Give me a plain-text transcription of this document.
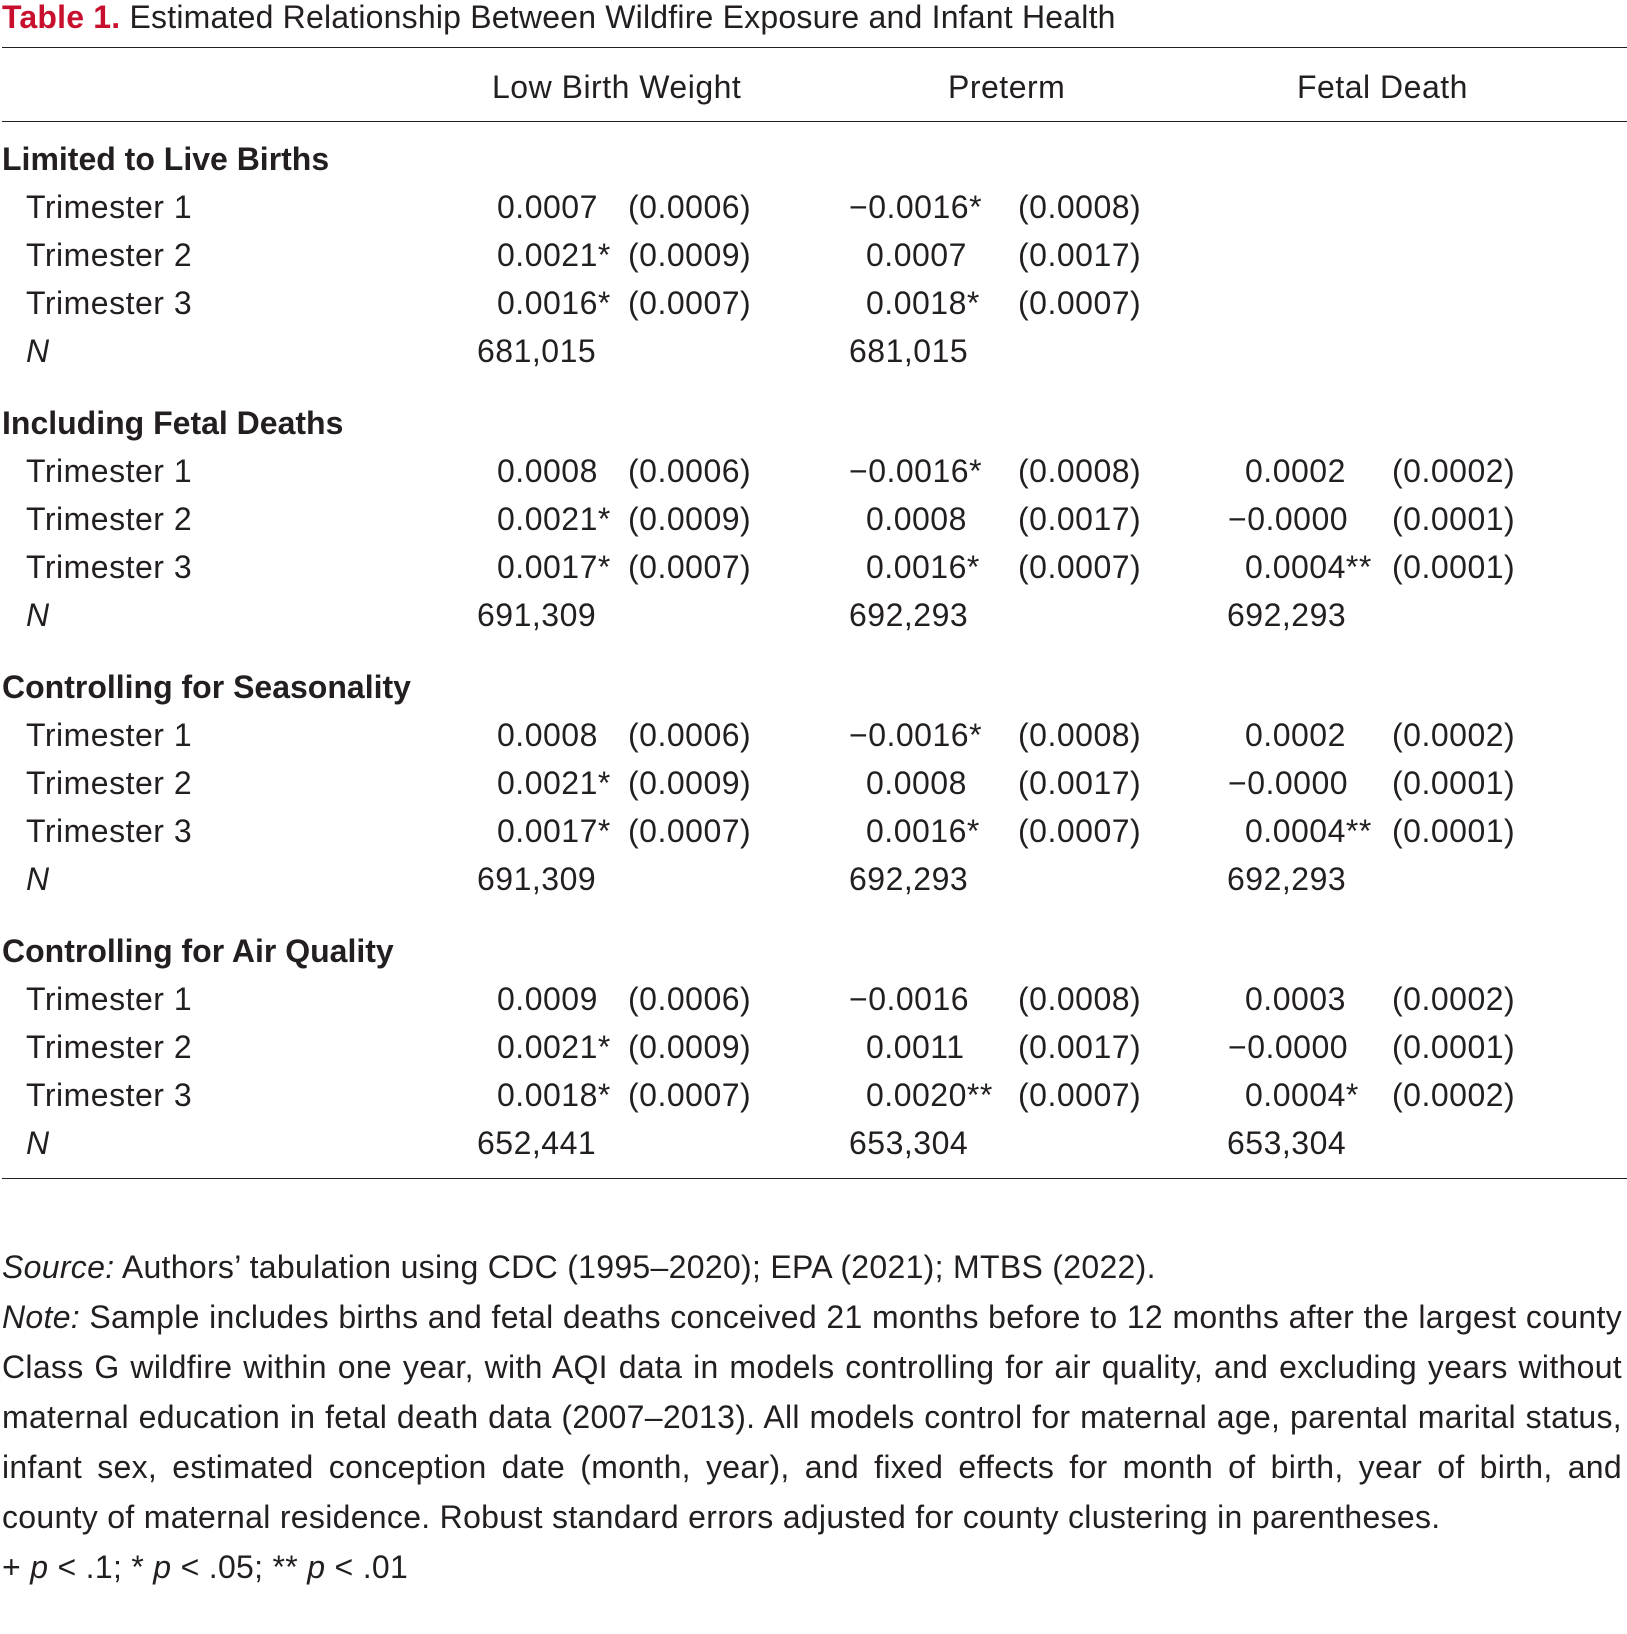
Table 1. Estimated Relationship Between Wildfire Exposure and Infant Health
Low Birth Weight	Preterm	Fetal Death
Limited to Live Births
Trimester 1	0.0007 (0.0006)	−0.0016* (0.0008)
Trimester 2	0.0021* (0.0009)	0.0007 (0.0017)
Trimester 3	0.0016* (0.0007)	0.0018* (0.0007)
N	681,015	681,015
Including Fetal Deaths
Trimester 1	0.0008 (0.0006)	−0.0016* (0.0008)	0.0002 (0.0002)
Trimester 2	0.0021* (0.0009)	0.0008 (0.0017)	−0.0000 (0.0001)
Trimester 3	0.0017* (0.0007)	0.0016* (0.0007)	0.0004** (0.0001)
N	691,309	692,293	692,293
Controlling for Seasonality
Trimester 1	0.0008 (0.0006)	−0.0016* (0.0008)	0.0002 (0.0002)
Trimester 2	0.0021* (0.0009)	0.0008 (0.0017)	−0.0000 (0.0001)
Trimester 3	0.0017* (0.0007)	0.0016* (0.0007)	0.0004** (0.0001)
N	691,309	692,293	692,293
Controlling for Air Quality
Trimester 1	0.0009 (0.0006)	−0.0016 (0.0008)	0.0003 (0.0002)
Trimester 2	0.0021* (0.0009)	0.0011 (0.0017)	−0.0000 (0.0001)
Trimester 3	0.0018* (0.0007)	0.0020** (0.0007)	0.0004* (0.0002)
N	652,441	653,304	653,304

Source: Authors’ tabulation using CDC (1995–2020); EPA (2021); MTBS (2022).

Note: Sample includes births and fetal deaths conceived 21 months before to 12 months after the largest county Class G wildfire within one year, with AQI data in models controlling for air quality, and excluding years without maternal education in fetal death data (2007–2013). All models control for maternal age, parental marital status, infant sex, estimated conception date (month, year), and fixed effects for month of birth, year of birth, and county of maternal residence. Robust standard errors adjusted for county clustering in parentheses.

+ p < .1; * p < .05; ** p < .01
